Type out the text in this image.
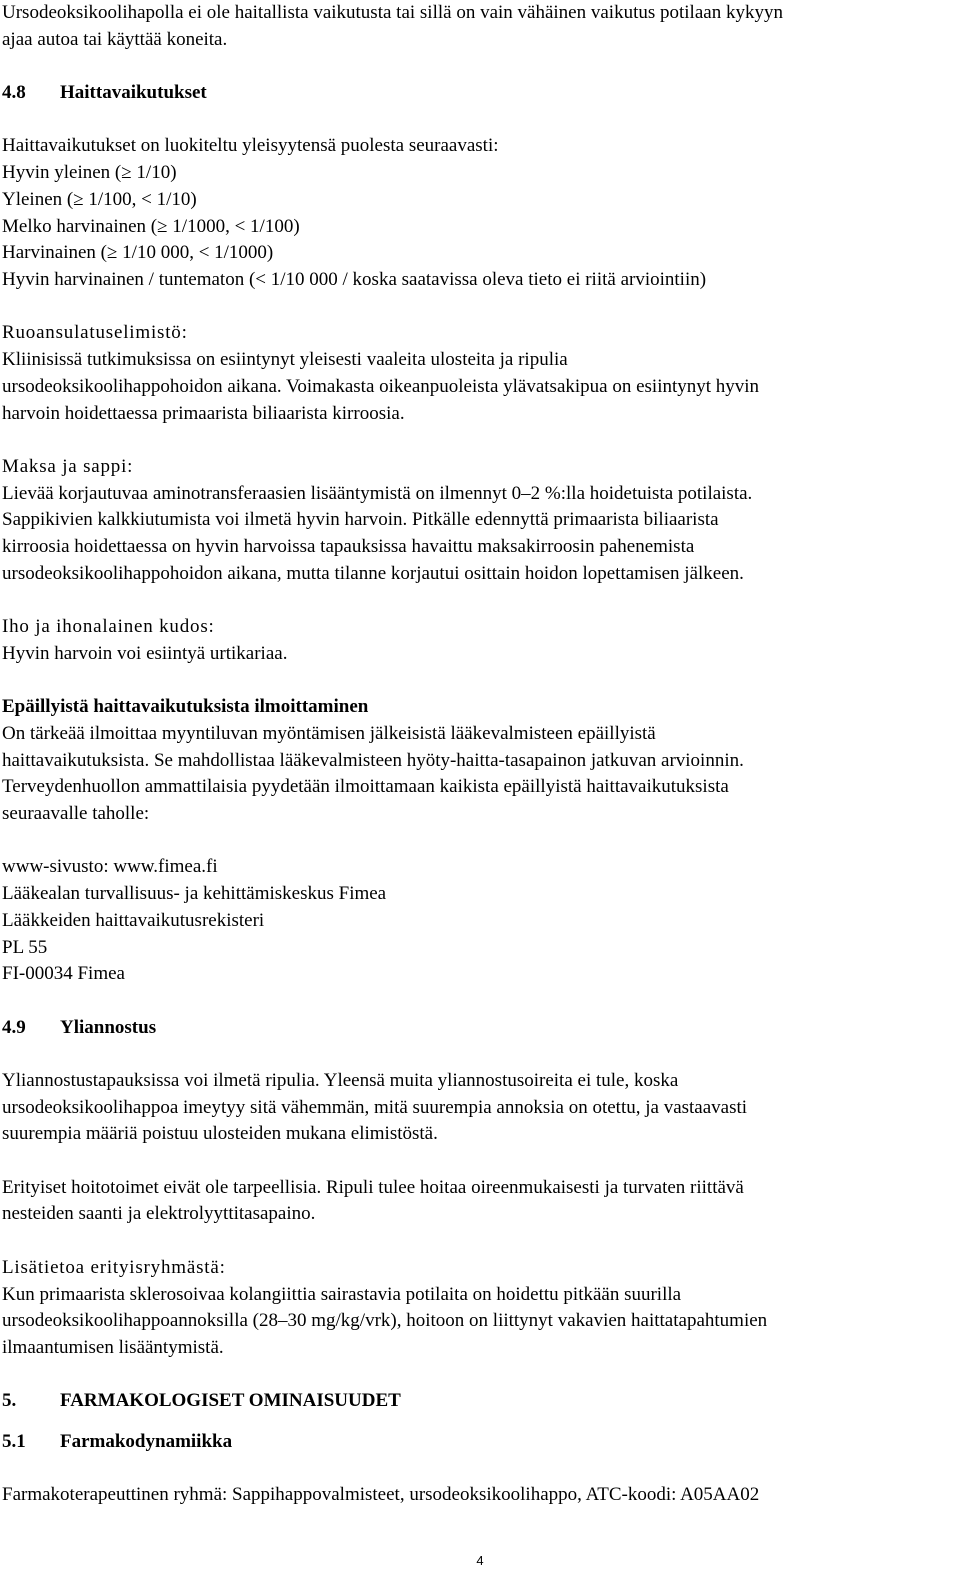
Ursodeoksikoolihapolla ei ole haitallista vaikutusta tai sillä on vain vähäinen vaikutus potilaan kykyyn

ajaa autoa tai käyttää koneita.

4.8 Haittavaikutukset

Haittavaikutukset on luokiteltu yleisyytensä puolesta seuraavasti:

Hyvin yleinen (≥ 1/10)

Yleinen (≥ 1/100, < 1/10)

Melko harvinainen (≥ 1/1000, < 1/100)

Harvinainen (≥ 1/10 000, < 1/1000)

Hyvin harvinainen / tuntematon (< 1/10 000 / koska saatavissa oleva tieto ei riitä arviointiin)

Ruoansulatuselimistö:

Kliinisissä tutkimuksissa on esiintynyt yleisesti vaaleita ulosteita ja ripulia

ursodeoksikoolihappohoidon aikana. Voimakasta oikeanpuoleista ylävatsakipua on esiintynyt hyvin

harvoin hoidettaessa primaarista biliaarista kirroosia.

Maksa ja sappi:

Lievää korjautuvaa aminotransferaasien lisääntymistä on ilmennyt 0–2 %:lla hoidetuista potilaista.

Sappikivien kalkkiutumista voi ilmetä hyvin harvoin. Pitkälle edennyttä primaarista biliaarista

kirroosia hoidettaessa on hyvin harvoissa tapauksissa havaittu maksakirroosin pahenemista

ursodeoksikoolihappohoidon aikana, mutta tilanne korjautui osittain hoidon lopettamisen jälkeen.

Iho ja ihonalainen kudos:

Hyvin harvoin voi esiintyä urtikariaa.

Epäillyistä haittavaikutuksista ilmoittaminen

On tärkeää ilmoittaa myyntiluvan myöntämisen jälkeisistä lääkevalmisteen epäillyistä

haittavaikutuksista. Se mahdollistaa lääkevalmisteen hyöty-haitta-tasapainon jatkuvan arvioinnin.

Terveydenhuollon ammattilaisia pyydetään ilmoittamaan kaikista epäillyistä haittavaikutuksista

seuraavalle taholle:

www-sivusto: www.fimea.fi

Lääkealan turvallisuus- ja kehittämiskeskus Fimea

Lääkkeiden haittavaikutusrekisteri

PL 55

FI-00034 Fimea

4.9 Yliannostus

Yliannostustapauksissa voi ilmetä ripulia. Yleensä muita yliannostusoireita ei tule, koska

ursodeoksikoolihappoa imeytyy sitä vähemmän, mitä suurempia annoksia on otettu, ja vastaavasti

suurempia määriä poistuu ulosteiden mukana elimistöstä.

Erityiset hoitotoimet eivät ole tarpeellisia. Ripuli tulee hoitaa oireenmukaisesti ja turvaten riittävä

nesteiden saanti ja elektrolyyttitasapaino.

Lisätietoa erityisryhmästä:

Kun primaarista sklerosoivaa kolangiittia sairastavia potilaita on hoidettu pitkään suurilla

ursodeoksikoolihappoannoksilla (28–30 mg/kg/vrk), hoitoon on liittynyt vakavien haittatapahtumien

ilmaantumisen lisääntymistä.

5. FARMAKOLOGISET OMINAISUUDET

5.1 Farmakodynamiikka

Farmakoterapeuttinen ryhmä: Sappihappovalmisteet, ursodeoksikoolihappo, ATC-koodi: A05AA02

4
